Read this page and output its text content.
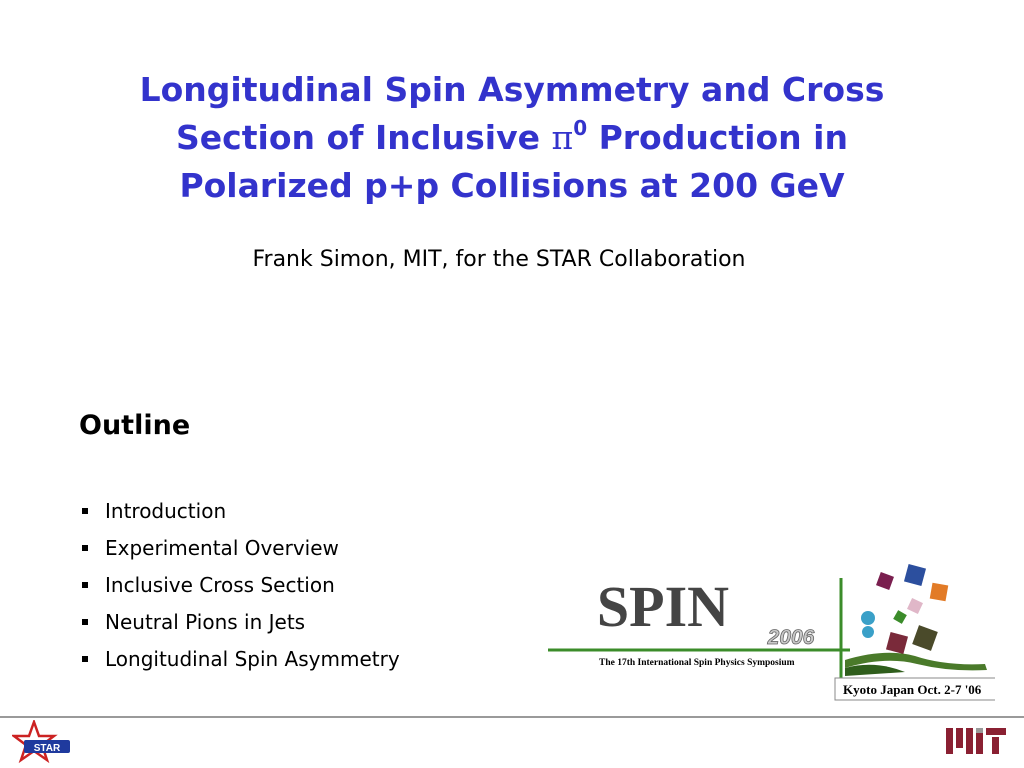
Longitudinal Spin Asymmetry and Cross
Section of Inclusive $\pi^0$ Production in
Polarized p+p Collisions at 200 GeV
Frank Simon, MIT, for the STAR Collaboration
Outline
Introduction
Experimental Overview
Inclusive Cross Section
Neutral Pions in Jets
Longitudinal Spin Asymmetry
SPIN 2006
The 17th International Spin Physics Symposium
Kyoto Japan Oct. 2-7 '06
STAR
